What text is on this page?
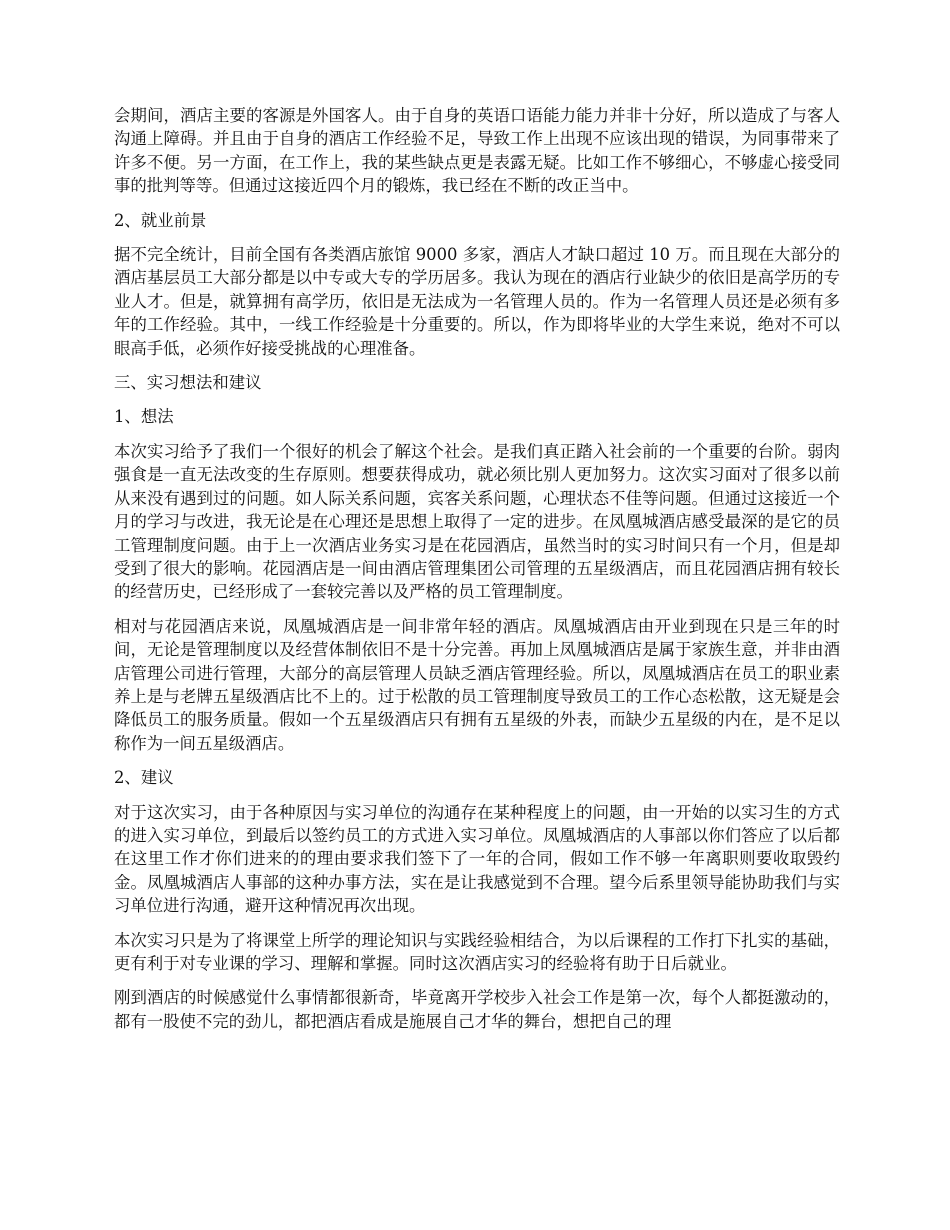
会期间，酒店主要的客源是外国客人。由于自身的英语口语能力能力并非十分好，所以造成了与客人沟通上障碍。并且由于自身的酒店工作经验不足，导致工作上出现不应该出现的错误，为同事带来了许多不便。另一方面，在工作上，我的某些缺点更是表露无疑。比如工作不够细心，不够虚心接受同事的批判等等。但通过这接近四个月的锻炼，我已经在不断的改正当中。

2、就业前景

据不完全统计，目前全国有各类酒店旅馆 9000 多家，酒店人才缺口超过 10 万。而且现在大部分的酒店基层员工大部分都是以中专或大专的学历居多。我认为现在的酒店行业缺少的依旧是高学历的专业人才。但是，就算拥有高学历，依旧是无法成为一名管理人员的。作为一名管理人员还是必须有多年的工作经验。其中，一线工作经验是十分重要的。所以，作为即将毕业的大学生来说，绝对不可以眼高手低，必须作好接受挑战的心理准备。

三、实习想法和建议

1、想法

本次实习给予了我们一个很好的机会了解这个社会。是我们真正踏入社会前的一个重要的台阶。弱肉强食是一直无法改变的生存原则。想要获得成功，就必须比别人更加努力。这次实习面对了很多以前从来没有遇到过的问题。如人际关系问题，宾客关系问题，心理状态不佳等问题。但通过这接近一个月的学习与改进，我无论是在心理还是思想上取得了一定的进步。在凤凰城酒店感受最深的是它的员工管理制度问题。由于上一次酒店业务实习是在花园酒店，虽然当时的实习时间只有一个月，但是却受到了很大的影响。花园酒店是一间由酒店管理集团公司管理的五星级酒店，而且花园酒店拥有较长的经营历史，已经形成了一套较完善以及严格的员工管理制度。

相对与花园酒店来说，凤凰城酒店是一间非常年轻的酒店。凤凰城酒店由开业到现在只是三年的时间，无论是管理制度以及经营体制依旧不是十分完善。再加上凤凰城酒店是属于家族生意，并非由酒店管理公司进行管理，大部分的高层管理人员缺乏酒店管理经验。所以，凤凰城酒店在员工的职业素养上是与老牌五星级酒店比不上的。过于松散的员工管理制度导致员工的工作心态松散，这无疑是会降低员工的服务质量。假如一个五星级酒店只有拥有五星级的外表，而缺少五星级的内在，是不足以称作为一间五星级酒店。

2、建议

对于这次实习，由于各种原因与实习单位的沟通存在某种程度上的问题，由一开始的以实习生的方式的进入实习单位，到最后以签约员工的方式进入实习单位。凤凰城酒店的人事部以你们答应了以后都在这里工作才你们进来的的理由要求我们签下了一年的合同，假如工作不够一年离职则要收取毁约金。凤凰城酒店人事部的这种办事方法，实在是让我感觉到不合理。望今后系里领导能协助我们与实习单位进行沟通，避开这种情况再次出现。

本次实习只是为了将课堂上所学的理论知识与实践经验相结合，为以后课程的工作打下扎实的基础，更有利于对专业课的学习、理解和掌握。同时这次酒店实习的经验将有助于日后就业。

刚到酒店的时候感觉什么事情都很新奇，毕竟离开学校步入社会工作是第一次，每个人都挺激动的，都有一股使不完的劲儿，都把酒店看成是施展自己才华的舞台，想把自己的理
